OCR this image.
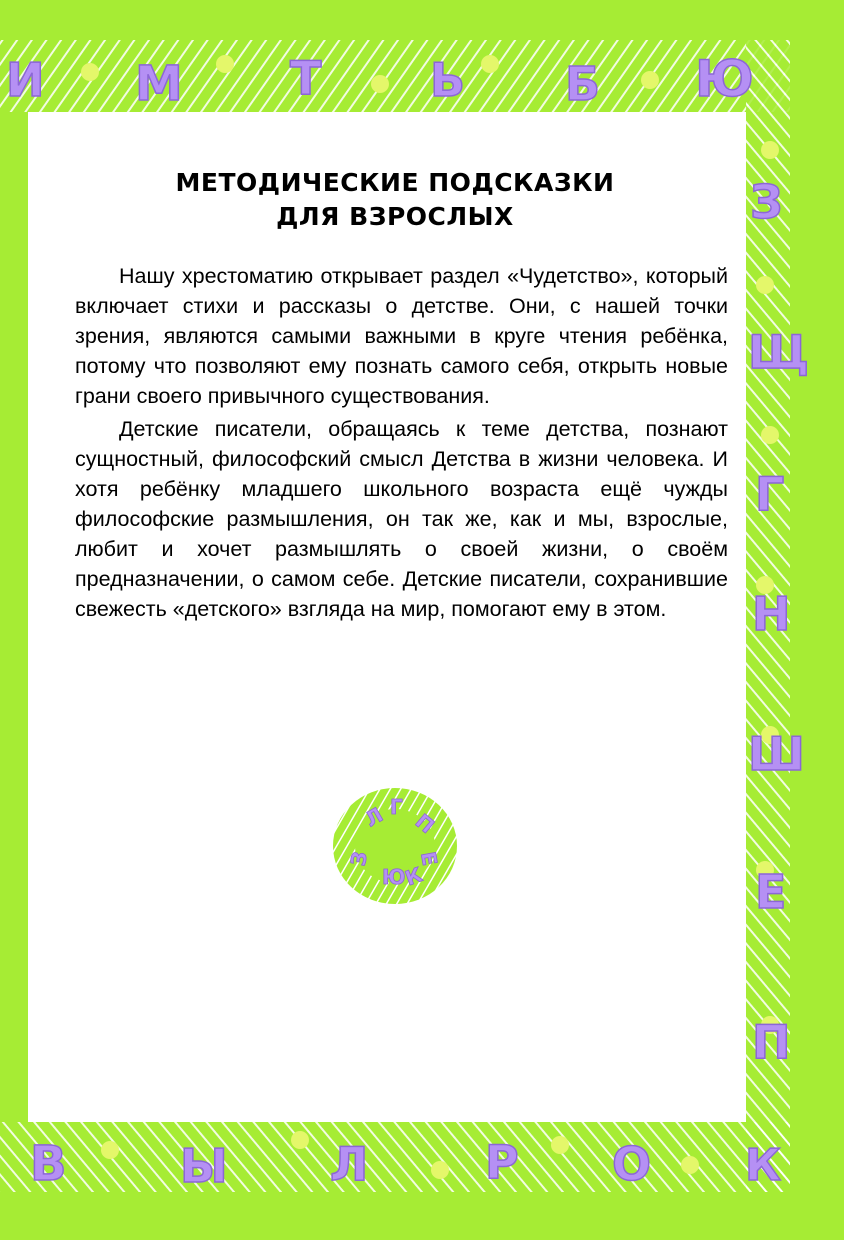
И М Т Ь Б Ю
З
Щ
Г
Н
Ш
Е
П
В Ы Л	Р О К
МЕТОДИЧЕСКИЕ ПОДСКАЗКИ
ДЛЯ ВЗРОСЛЫХ

Нашу хрестоматию открывает раздел «Чудетство», который включает стихи и рассказы о детстве. Они, с нашей точки зрения, являются самыми важными в круге чтения ребёнка, потому что позволяют ему познать самого себя, открыть новые грани своего привычного существования.

Детские писатели, обращаясь к теме детства, познают сущностный, философский смысл Детства в жизни человека. И хотя ребёнку младшего школьного возраста ещё чужды философские размышления, он так же, как и мы, взрослые, любит и хочет размышлять о своей жизни, о своём предназначении, о самом себе. Детские писатели, сохранившие свежесть «детского» взгляда на мир, помогают ему в этом.

Л Г
П
Е
Ю
К
З
